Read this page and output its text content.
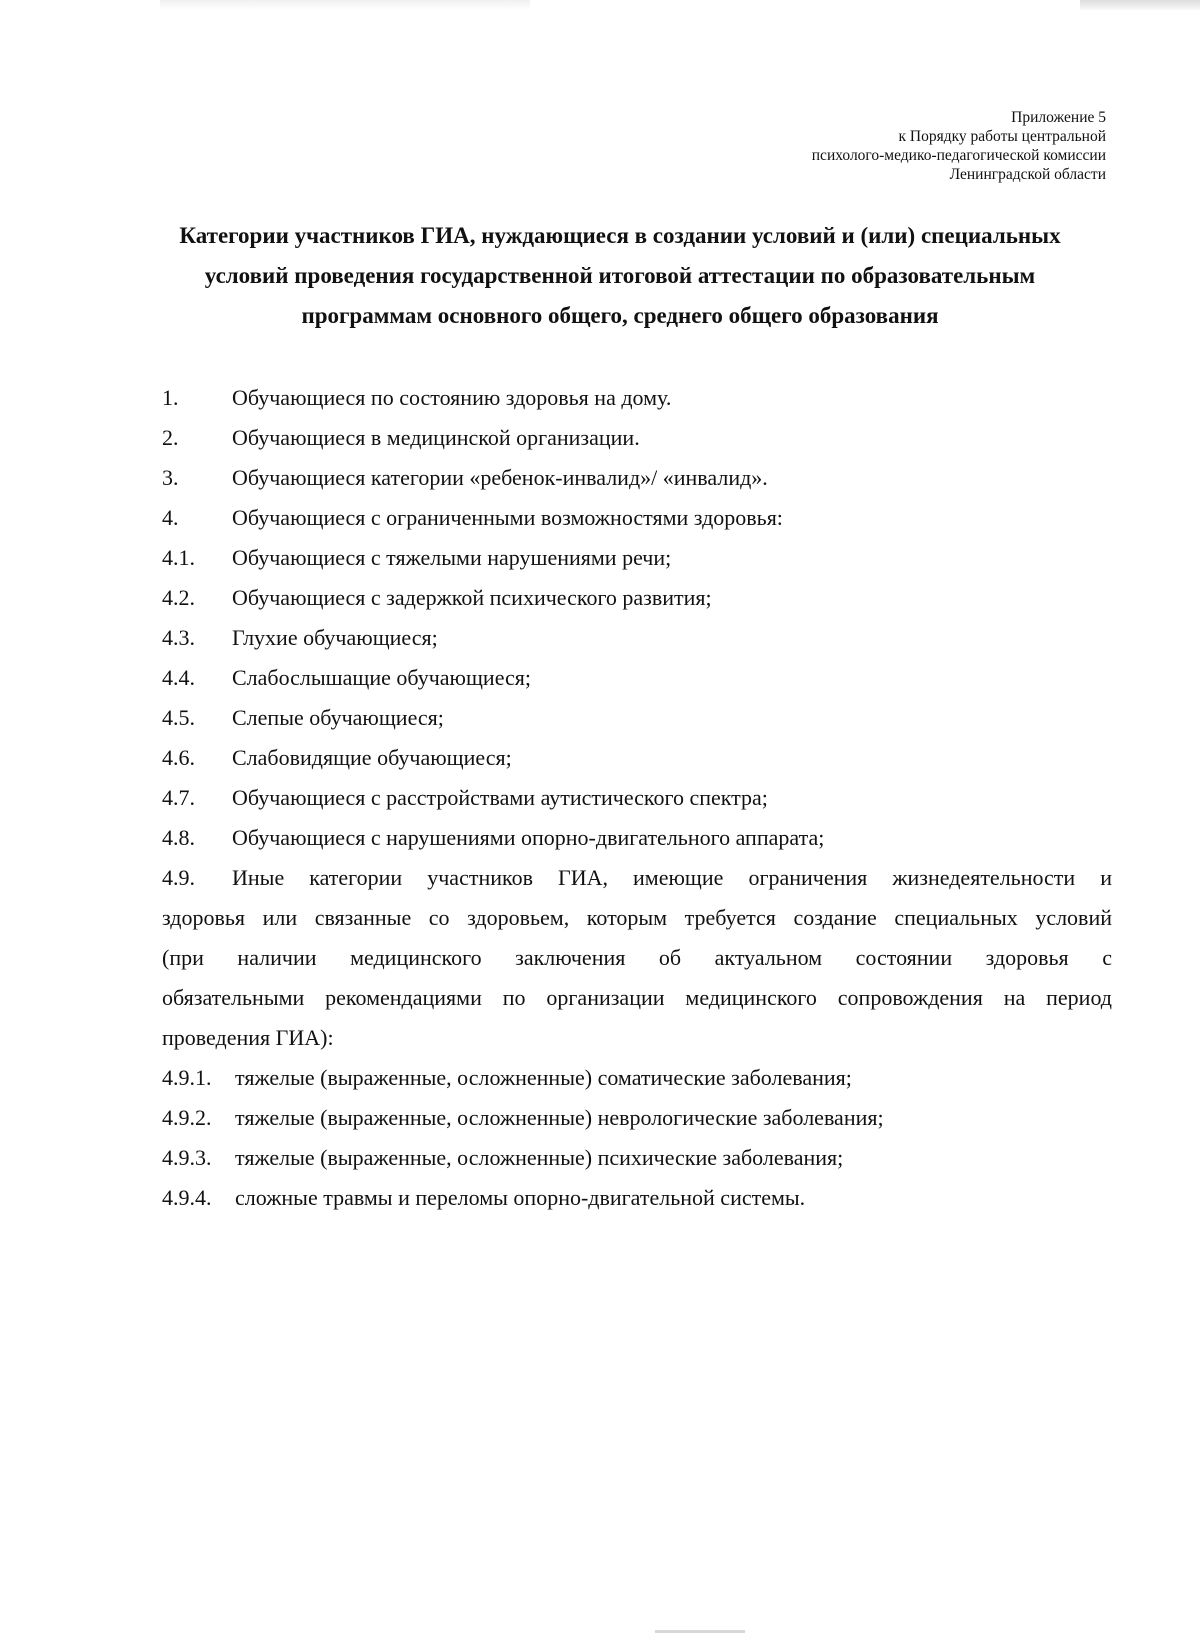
Приложение 5
к Порядку работы центральной
психолого-медико-педагогической комиссии
Ленинградской области
Категории участников ГИА, нуждающиеся в создании условий и (или) специальных
условий проведения государственной итоговой аттестации по образовательным
программам основного общего, среднего общего образования
1.	Обучающиеся по состоянию здоровья на дому.
2.	Обучающиеся в медицинской организации.
3.	Обучающиеся категории «ребенок-инвалид»/ «инвалид».
4.	Обучающиеся с ограниченными возможностями здоровья:
4.1.	Обучающиеся с тяжелыми нарушениями речи;
4.2.	Обучающиеся с задержкой психического развития;
4.3.	Глухие обучающиеся;
4.4.	Слабослышащие обучающиеся;
4.5.	Слепые обучающиеся;
4.6.	Слабовидящие обучающиеся;
4.7.	Обучающиеся с расстройствами аутистического спектра;
4.8.	Обучающиеся с нарушениями опорно-двигательного аппарата;
4.9. Иные категории участников ГИА, имеющие ограничения жизнедеятельности и
здоровья или связанные со здоровьем, которым требуется создание специальных условий
(при наличии медицинского заключения об актуальном состоянии здоровья с
обязательными рекомендациями по организации медицинского сопровождения на период
проведения ГИА):
4.9.1.	тяжелые (выраженные, осложненные) соматические заболевания;
4.9.2.	тяжелые (выраженные, осложненные) неврологические заболевания;
4.9.3.	тяжелые (выраженные, осложненные) психические заболевания;
4.9.4.	сложные травмы и переломы опорно-двигательной системы.
